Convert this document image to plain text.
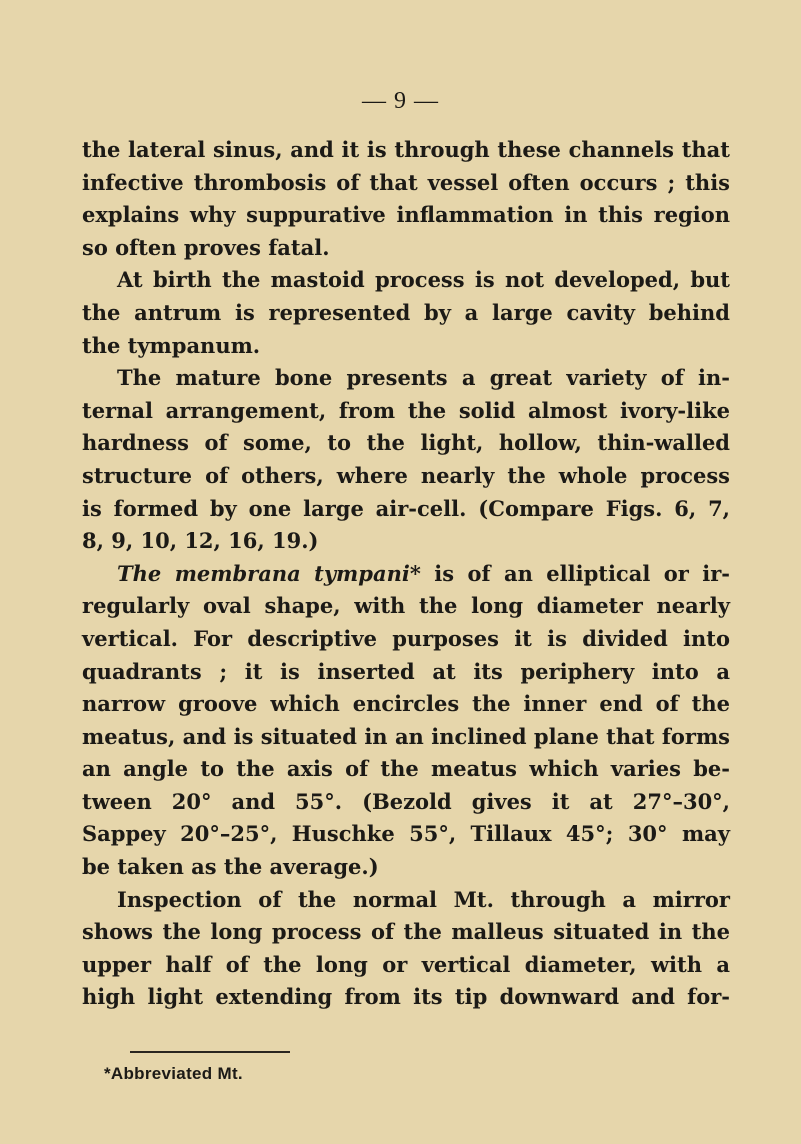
— 9 —
the lateral sinus, and it is through these channels that
infective thrombosis of that vessel often occurs ; this
explains why suppurative inflammation in this region
so often proves fatal.
At birth the mastoid process is not developed, but
the antrum is represented by a large cavity behind
the tympanum.
The mature bone presents a great variety of in-
ternal arrangement, from the solid almost ivory-like
hardness of some, to the light, hollow, thin-walled
structure of others, where nearly the whole process
is formed by one large air-cell. (Compare Figs. 6, 7,
8, 9, 10, 12, 16, 19.)
The membrana tympani* is of an elliptical or ir-
regularly oval shape, with the long diameter nearly
vertical. For descriptive purposes it is divided into
quadrants ; it is inserted at its periphery into a
narrow groove which encircles the inner end of the
meatus, and is situated in an inclined plane that forms
an angle to the axis of the meatus which varies be-
tween 20° and 55°. (Bezold gives it at 27°–30°,
Sappey 20°–25°, Huschke 55°, Tillaux 45°; 30° may
be taken as the average.)
Inspection of the normal Mt. through a mirror
shows the long process of the malleus situated in the
upper half of the long or vertical diameter, with a
high light extending from its tip downward and for-
*Abbreviated Mt.
